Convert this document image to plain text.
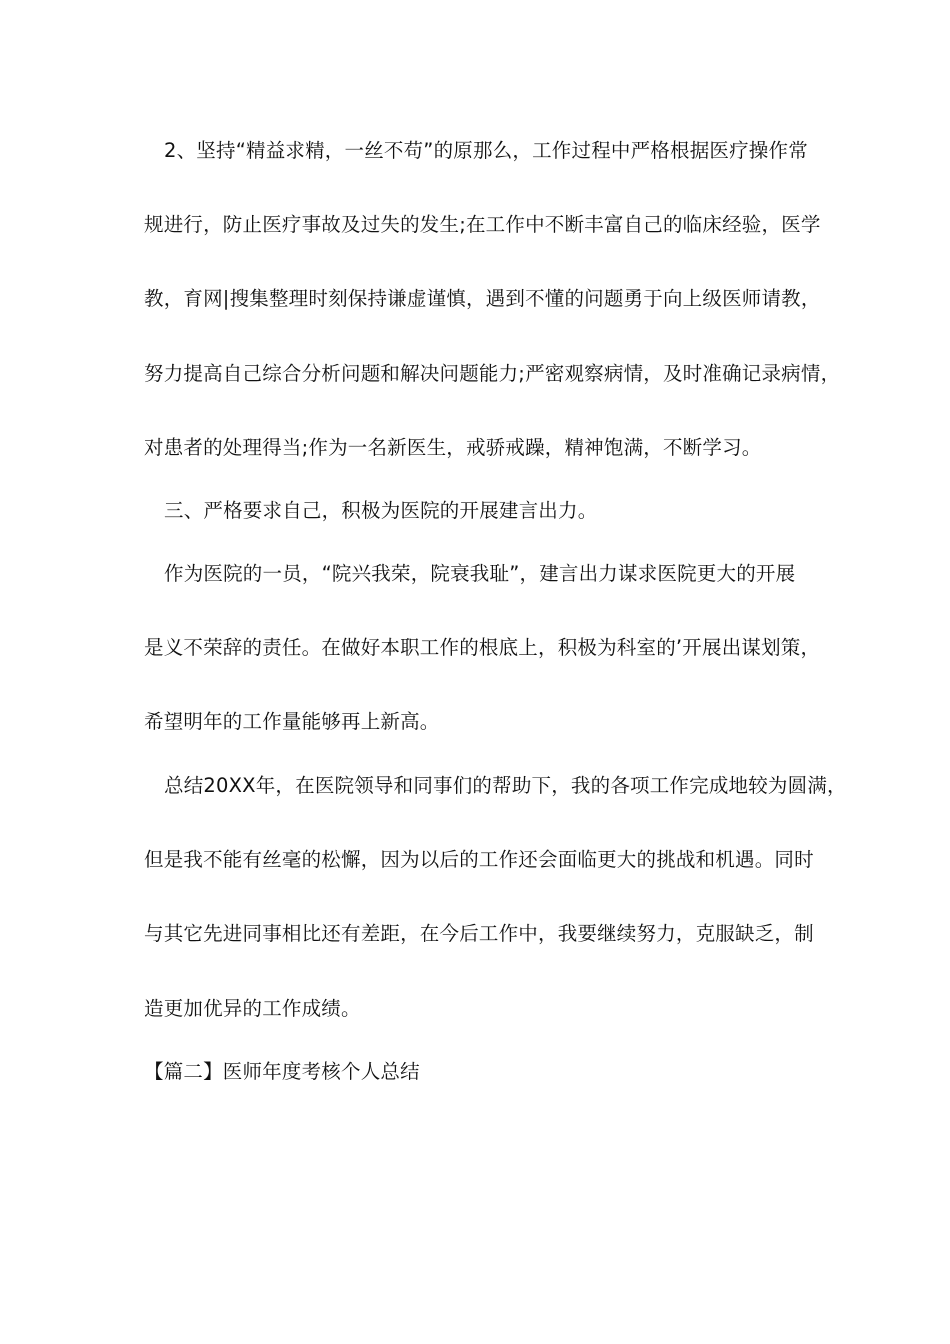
2、坚持“精益求精，一丝不苟”的原那么，工作过程中严格根据医疗操作常
规进行，防止医疗事故及过失的发生;在工作中不断丰富自己的临床经验，医学
教，育网|搜集整理时刻保持谦虚谨慎，遇到不懂的问题勇于向上级医师请教，
努力提高自己综合分析问题和解决问题能力;严密观察病情，及时准确记录病情，
对患者的处理得当;作为一名新医生，戒骄戒躁，精神饱满，不断学习。
三、严格要求自己，积极为医院的开展建言出力。
作为医院的一员，“院兴我荣，院衰我耻”，建言出力谋求医院更大的开展
是义不荣辞的责任。在做好本职工作的根底上，积极为科室的’开展出谋划策，
希望明年的工作量能够再上新高。
总结20XX年，在医院领导和同事们的帮助下，我的各项工作完成地较为圆满，
但是我不能有丝毫的松懈，因为以后的工作还会面临更大的挑战和机遇。同时
与其它先进同事相比还有差距，在今后工作中，我要继续努力，克服缺乏，制
造更加优异的工作成绩。
【篇二】医师年度考核个人总结
